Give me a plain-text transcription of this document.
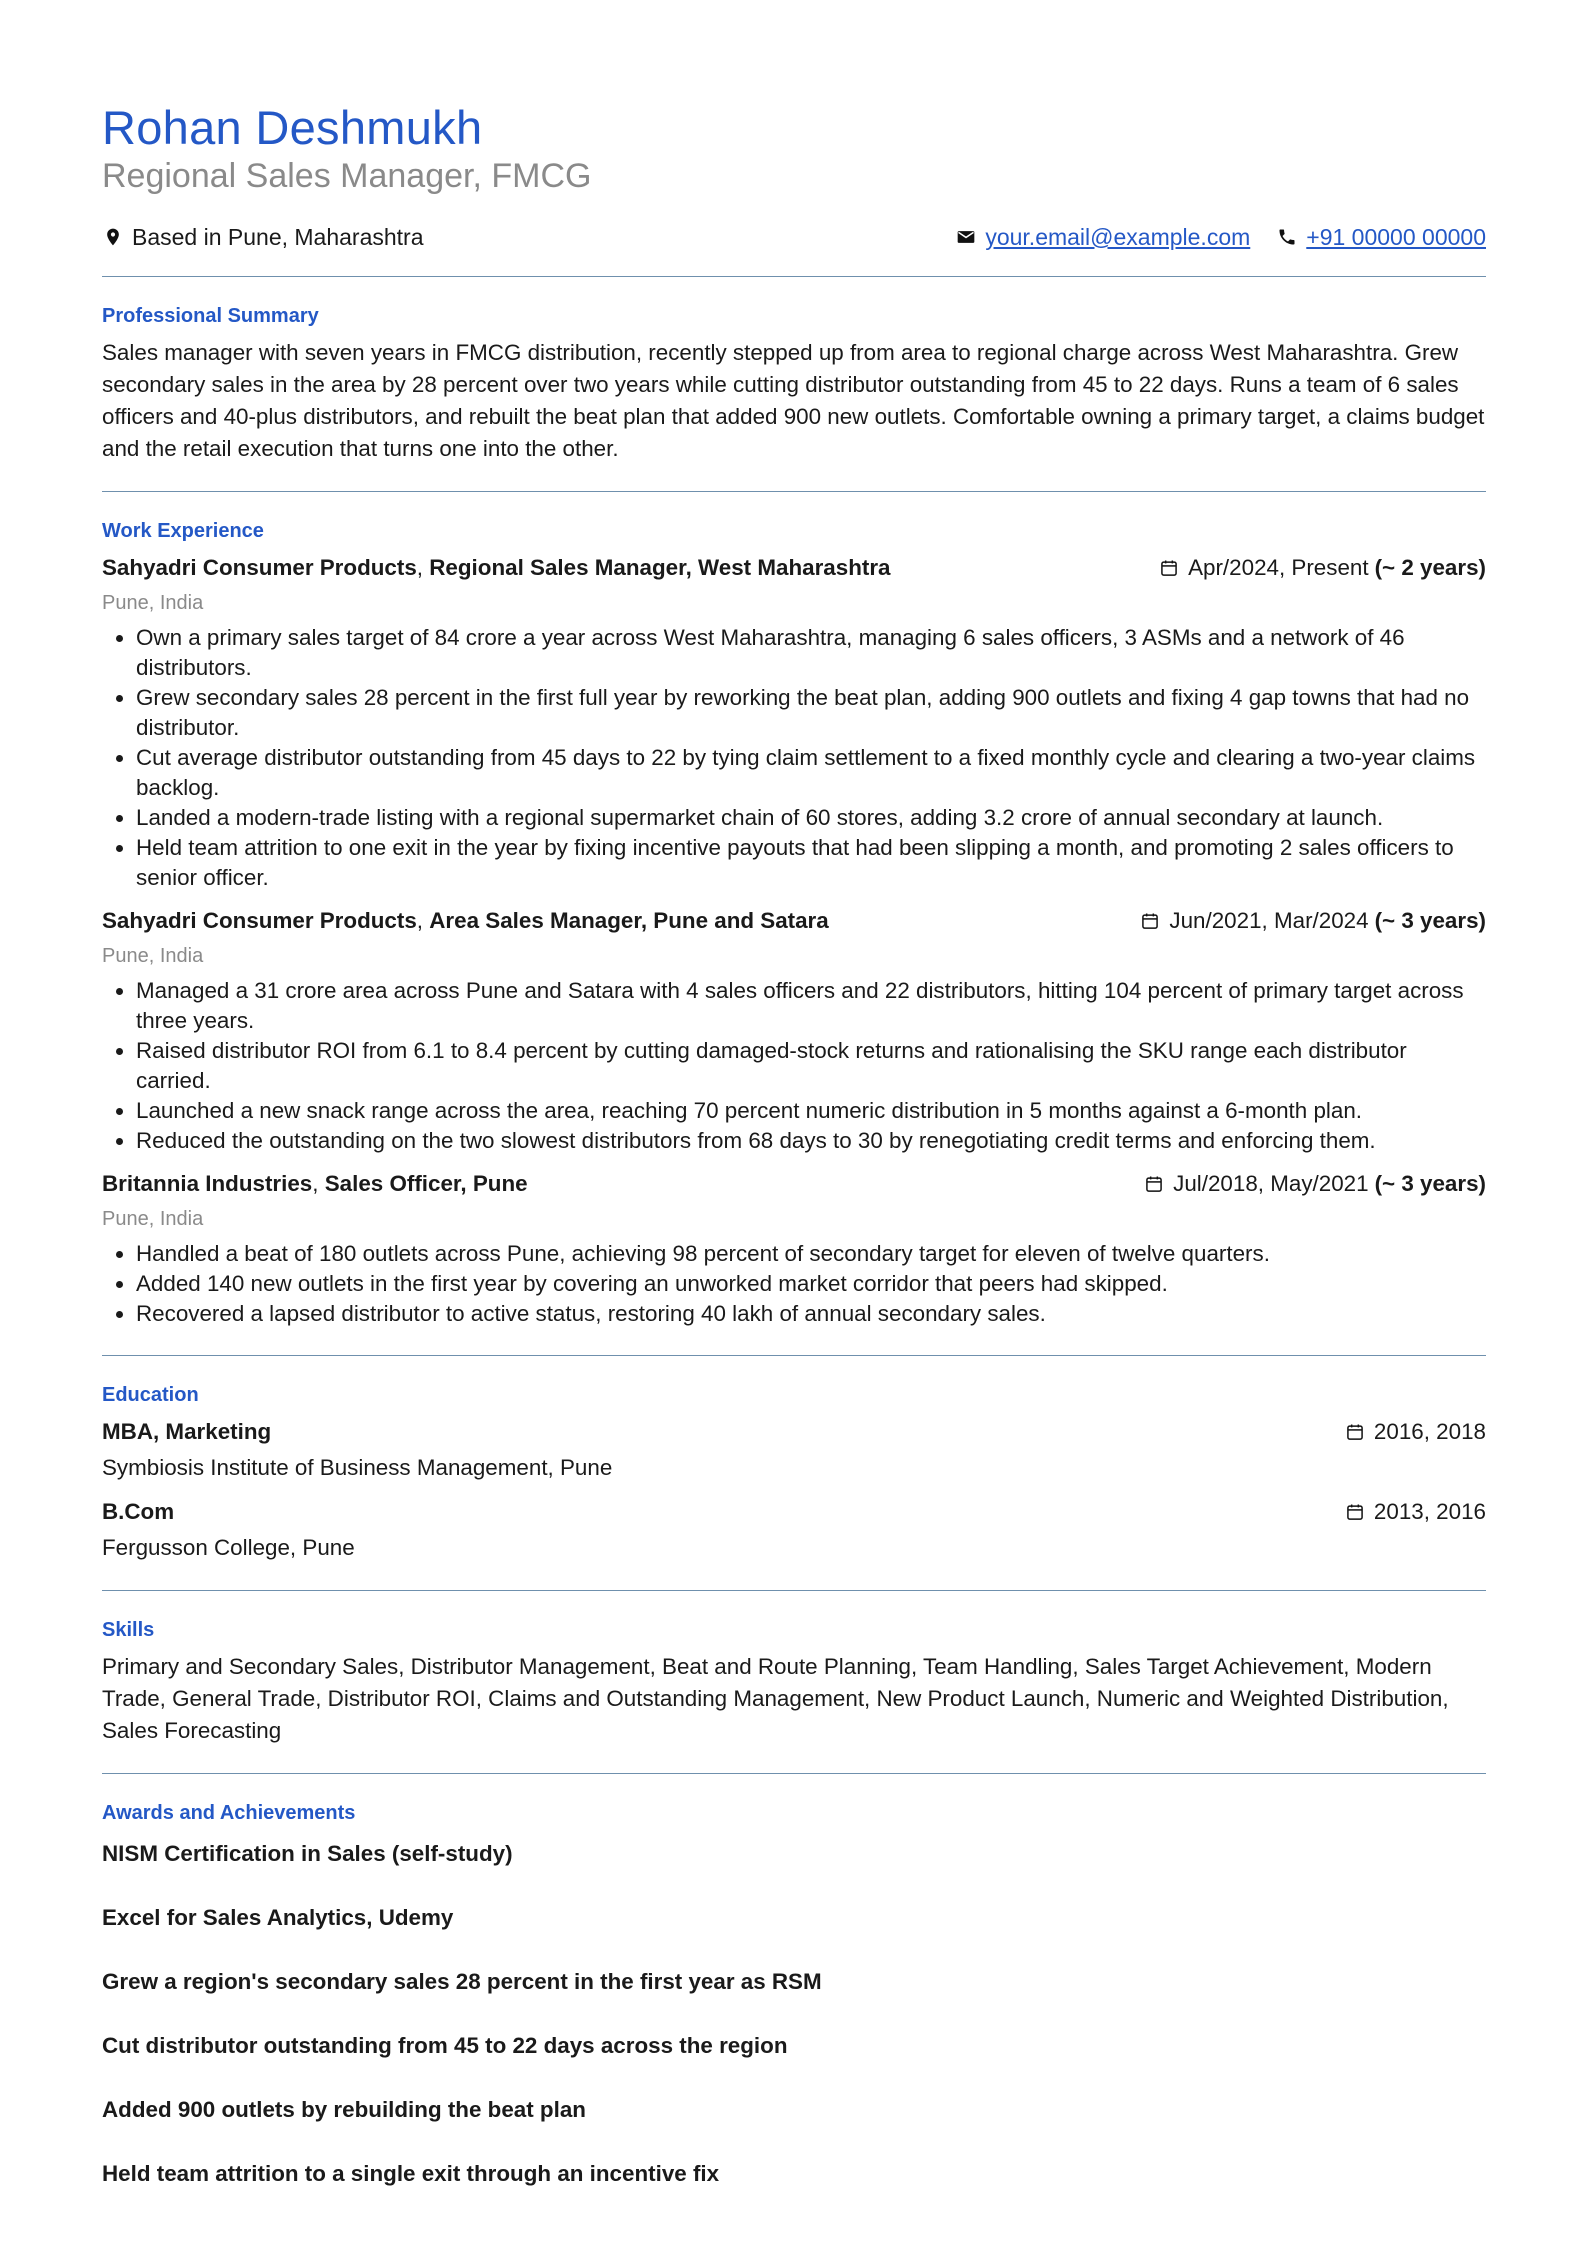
Rohan Deshmukh
Regional Sales Manager, FMCG
Based in Pune, Maharashtra	your.email@example.com +91 00000 00000
Professional Summary
Sales manager with seven years in FMCG distribution, recently stepped up from area to regional charge across West Maharashtra. Grew secondary sales in the area by 28 percent over two years while cutting distributor outstanding from 45 to 22 days. Runs a team of 6 sales officers and 40-plus distributors, and rebuilt the beat plan that added 900 new outlets. Comfortable owning a primary target, a claims budget and the retail execution that turns one into the other.
Work Experience
Sahyadri Consumer Products, Regional Sales Manager, West Maharashtra	Apr/2024, Present (~ 2 years)
Pune, India
• Own a primary sales target of 84 crore a year across West Maharashtra, managing 6 sales officers, 3 ASMs and a network of 46 distributors.
• Grew secondary sales 28 percent in the first full year by reworking the beat plan, adding 900 outlets and fixing 4 gap towns that had no distributor.
• Cut average distributor outstanding from 45 days to 22 by tying claim settlement to a fixed monthly cycle and clearing a two-year claims backlog.
• Landed a modern-trade listing with a regional supermarket chain of 60 stores, adding 3.2 crore of annual secondary at launch.
• Held team attrition to one exit in the year by fixing incentive payouts that had been slipping a month, and promoting 2 sales officers to senior officer.
Sahyadri Consumer Products, Area Sales Manager, Pune and Satara	Jun/2021, Mar/2024 (~ 3 years)
Pune, India
• Managed a 31 crore area across Pune and Satara with 4 sales officers and 22 distributors, hitting 104 percent of primary target across three years.
• Raised distributor ROI from 6.1 to 8.4 percent by cutting damaged-stock returns and rationalising the SKU range each distributor carried.
• Launched a new snack range across the area, reaching 70 percent numeric distribution in 5 months against a 6-month plan.
• Reduced the outstanding on the two slowest distributors from 68 days to 30 by renegotiating credit terms and enforcing them.
Britannia Industries, Sales Officer, Pune	Jul/2018, May/2021 (~ 3 years)
Pune, India
• Handled a beat of 180 outlets across Pune, achieving 98 percent of secondary target for eleven of twelve quarters.
• Added 140 new outlets in the first year by covering an unworked market corridor that peers had skipped.
• Recovered a lapsed distributor to active status, restoring 40 lakh of annual secondary sales.
Education
MBA, Marketing	2016, 2018
Symbiosis Institute of Business Management, Pune
B.Com	2013, 2016
Fergusson College, Pune
Skills
Primary and Secondary Sales, Distributor Management, Beat and Route Planning, Team Handling, Sales Target Achievement, Modern Trade, General Trade, Distributor ROI, Claims and Outstanding Management, New Product Launch, Numeric and Weighted Distribution, Sales Forecasting
Awards and Achievements
NISM Certification in Sales (self-study)
Excel for Sales Analytics, Udemy
Grew a region's secondary sales 28 percent in the first year as RSM
Cut distributor outstanding from 45 to 22 days across the region
Added 900 outlets by rebuilding the beat plan
Held team attrition to a single exit through an incentive fix
